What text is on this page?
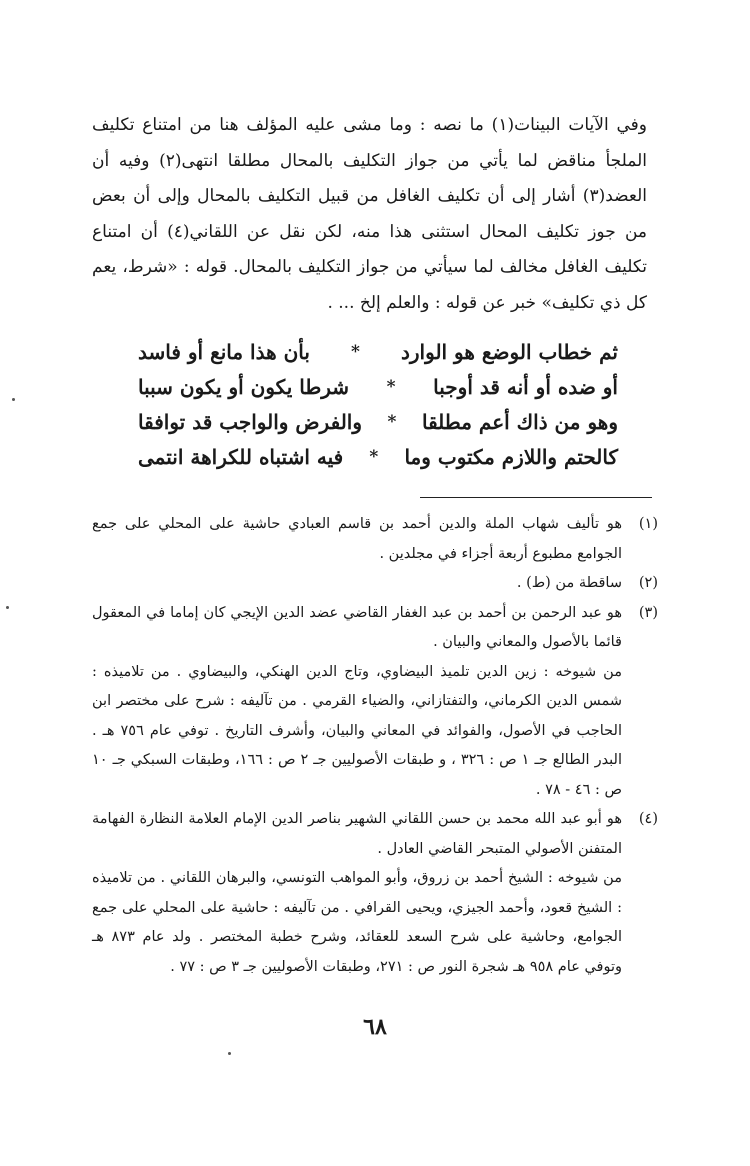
وفي الآيات البينات(١) ما نصه : وما مشى عليه المؤلف هنا من امتناع تكليف الملجأ مناقض لما يأتي من جواز التكليف بالمحال مطلقا انتهى(٢) وفيه أن العضد(٣) أشار إلى أن تكليف الغافل من قبيل التكليف بالمحال وإلى أن بعض من جوز تكليف المحال استثنى هذا منه، لكن نقل عن اللقاني(٤) أن امتناع تكليف الغافل مخالف لما سيأتي من جواز التكليف بالمحال. قوله : «شرط، يعم كل ذي تكليف» خبر عن قوله : والعلم إلخ ... .

ثم خطاب الوضع هو الوارد
*
بأن هذا مانع أو فاسد
أو ضده أو أنه قد أوجبا
*
شرطا يكون أو يكون سببا
وهو من ذاك أعم مطلقا
*
والفرض والواجب قد توافقا
كالحتم واللازم مكتوب وما
*
فيه اشتباه للكراهة انتمى
(١)

هو تأليف شهاب الملة والدين أحمد بن قاسم العبادي حاشية على المحلي على جمع الجوامع مطبوع أربعة أجزاء في مجلدين .

(٢)

ساقطة من (ط) .

(٣)

هو عبد الرحمن بن أحمد بن عبد الغفار القاضي عضد الدين الإيجي كان إماما في المعقول قائما بالأصول والمعاني والبيان .

من شيوخه : زين الدين تلميذ البيضاوي، وتاج الدين الهنكي، والبيضاوي . من تلاميذه : شمس الدين الكرماني، والتفتازاني، والضياء القرمي . من تآليفه : شرح على مختصر ابن الحاجب في الأصول، والفوائد في المعاني والبيان، وأشرف التاريخ . توفي عام ٧٥٦ هـ . البدر الطالع جـ ١ ص : ٣٢٦ ، و طبقات الأصوليين جـ ٢ ص : ١٦٦، وطبقات السبكي جـ ١٠ ص : ٤٦ - ٧٨ .

(٤)

هو أبو عبد الله محمد بن حسن اللقاني الشهير بناصر الدين الإمام العلامة النظارة الفهامة المتفنن الأصولي المتبحر القاضي العادل .

من شيوخه : الشيخ أحمد بن زروق، وأبو المواهب التونسي، والبرهان اللقاني . من تلاميذه : الشيخ قعود، وأحمد الجيزي، ويحيى القرافي . من تآليفه : حاشية على المحلي على جمع الجوامع، وحاشية على شرح السعد للعقائد، وشرح خطبة المختصر . ولد عام ٨٧٣ هـ وتوفي عام ٩٥٨ هـ شجرة النور ص : ٢٧١، وطبقات الأصوليين جـ ٣ ص : ٧٧ .

٦٨
